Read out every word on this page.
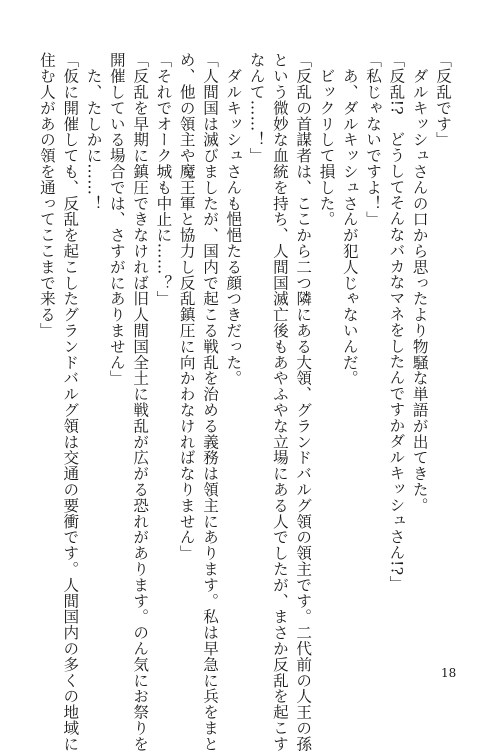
「反乱です」
　ダルキッシュさんの口から思ったより物騒な単語が出てきた。
「反乱!?　どうしてそんなバカなマネをしたんですかダルキッシュさん!?」
「私じゃないですよ！」
　あ、ダルキッシュさんが犯人じゃないんだ。
　ビックリして損した。
「反乱の首謀者は、ここから二つ隣にある大領、グランドバルグ領の領主です。二代前の人王の孫
という微妙な血統を持ち、人間国滅亡後もあやふやな立場にある人でしたが、まさか反乱を起こす
なんて……！」
　ダルキッシュさんも悒悒たる顔つきだった。
「人間国は滅びましたが、国内で起こる戦乱を治める義務は領主にあります。私は早急に兵をまと
め、他の領主や魔王軍と協力し反乱鎮圧に向かわなければなりません」
「それでオーク城も中止に……？」
「反乱を早期に鎮圧できなければ旧人間国全土に戦乱が広がる恐れがあります。のん気にお祭りを
開催している場合では、さすがにありません」
　た、たしかに……！
「仮に開催しても、反乱を起こしたグランドバルグ領は交通の要衝です。人間国内の多くの地域に
住む人があの領を通ってここまで来る」
18
